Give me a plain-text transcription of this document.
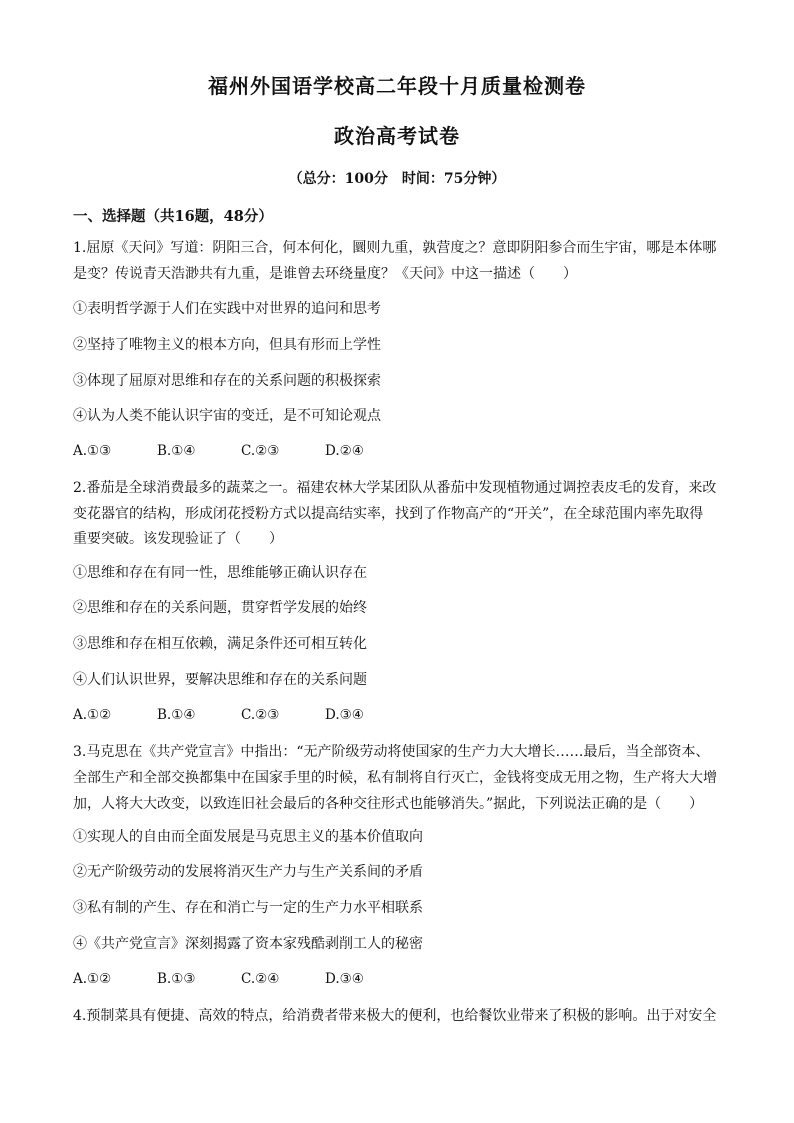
福州外国语学校高二年段十月质量检测卷
政治高考试卷
（总分：100分　时间：75分钟）
一、选择题（共16题，48分）
1.屈原《天问》写道：阴阳三合，何本何化，圜则九重，孰营度之？意即阴阳参合而生宇宙，哪是本体哪
是变？传说青天浩渺共有九重，是谁曾去环绕量度？《天问》中这一描述（　　）
①表明哲学源于人们在实践中对世界的追问和思考
②坚持了唯物主义的根本方向，但具有形而上学性
③体现了屈原对思维和存在的关系问题的积极探索
④认为人类不能认识宇宙的变迁，是不可知论观点
A.①③	B.①④	C.②③	D.②④
2.番茄是全球消费最多的蔬菜之一。福建农林大学某团队从番茄中发现植物通过调控表皮毛的发育，来改
变花器官的结构，形成闭花授粉方式以提高结实率，找到了作物高产的“开关”，在全球范围内率先取得
重要突破。该发现验证了（　　）
①思维和存在有同一性，思维能够正确认识存在
②思维和存在的关系问题，贯穿哲学发展的始终
③思维和存在相互依赖，满足条件还可相互转化
④人们认识世界，要解决思维和存在的关系问题
A.①②	B.①④	C.②③	D.③④
3.马克思在《共产党宣言》中指出：“无产阶级劳动将使国家的生产力大大增长……最后，当全部资本、
全部生产和全部交换都集中在国家手里的时候，私有制将自行灭亡，金钱将变成无用之物，生产将大大增
加，人将大大改变，以致连旧社会最后的各种交往形式也能够消失。”据此，下列说法正确的是（　　）
①实现人的自由而全面发展是马克思主义的基本价值取向
②无产阶级劳动的发展将消灭生产力与生产关系间的矛盾
③私有制的产生、存在和消亡与一定的生产力水平相联系
④《共产党宣言》深刻揭露了资本家残酷剥削工人的秘密
A.①②	B.①③	C.②④	D.③④
4.预制菜具有便捷、高效的特点，给消费者带来极大的便利，也给餐饮业带来了积极的影响。出于对安全
